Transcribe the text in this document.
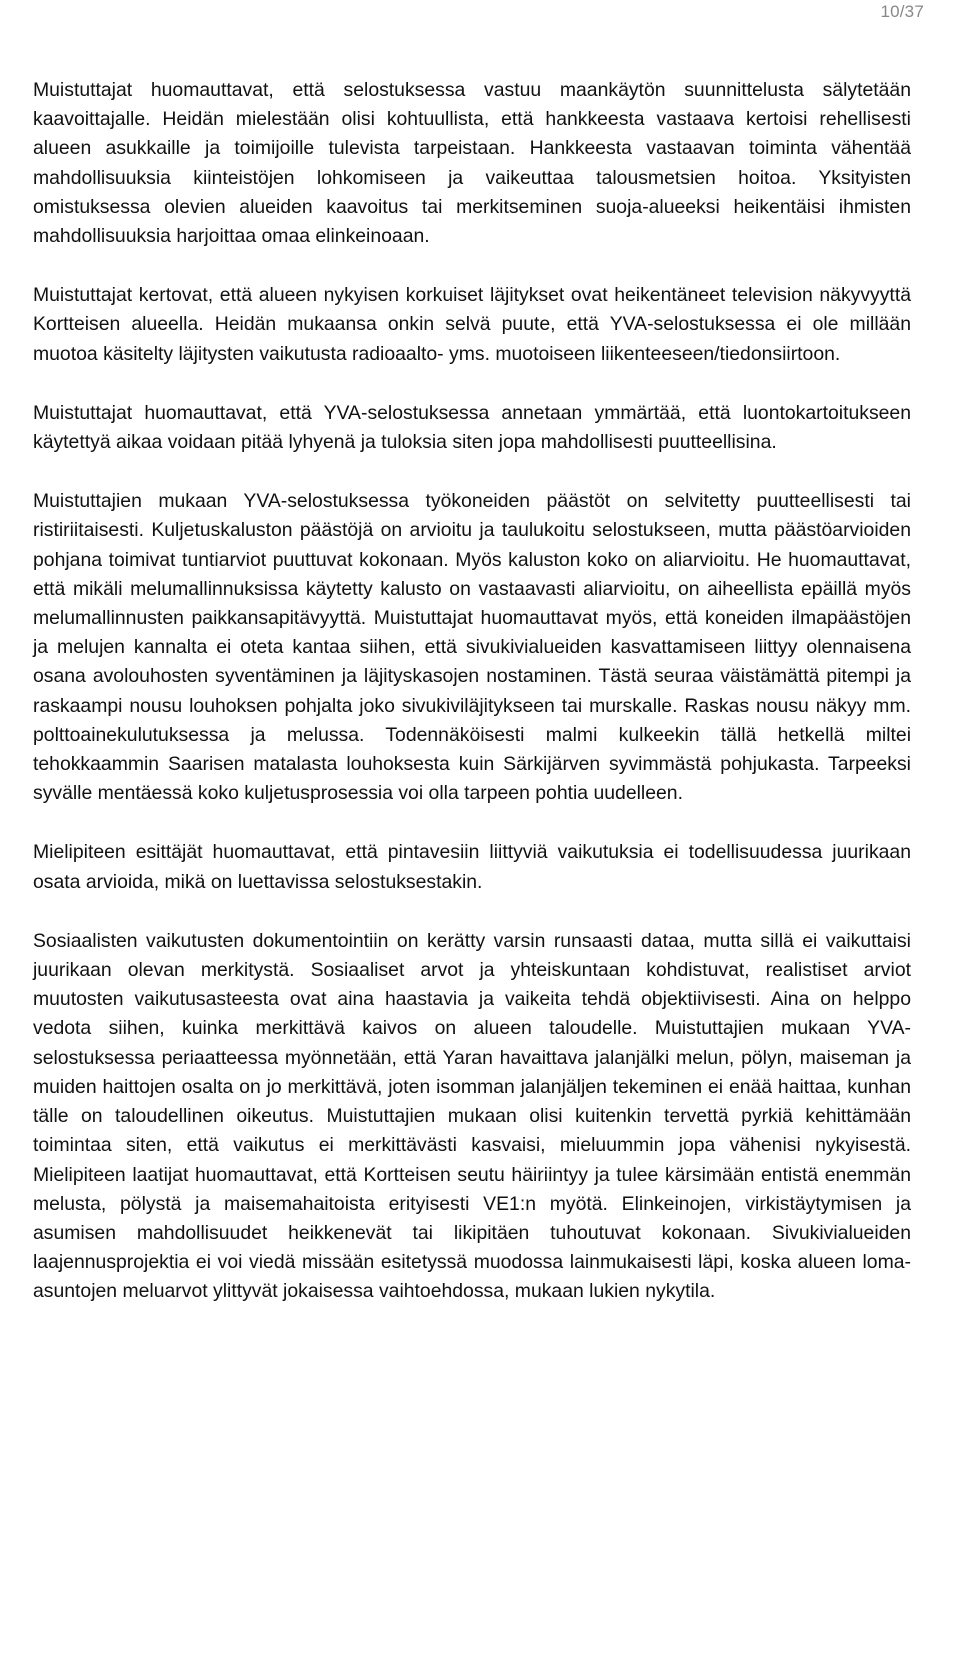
10/37

Muistuttajat huomauttavat, että selostuksessa vastuu maankäytön suunnittelusta sälytetään kaavoittajalle. Heidän mielestään olisi kohtuullista, että hankkeesta vastaava kertoisi rehellisesti alueen asukkaille ja toimijoille tulevista tarpeistaan. Hankkeesta vastaavan toiminta vähentää mahdollisuuksia kiinteistöjen lohkomiseen ja vaikeuttaa talousmetsien hoitoa. Yksityisten omistuksessa olevien alueiden kaavoitus tai merkitseminen suoja-alueeksi heikentäisi ihmisten mahdollisuuksia harjoittaa omaa elinkeinoaan.

Muistuttajat kertovat, että alueen nykyisen korkuiset läjitykset ovat heikentäneet television näkyvyyttä Kortteisen alueella. Heidän mukaansa onkin selvä puute, että YVA-selostuksessa ei ole millään muotoa käsitelty läjitysten vaikutusta radioaalto- yms. muotoiseen liikenteeseen/tiedonsiirtoon.

Muistuttajat huomauttavat, että YVA-selostuksessa annetaan ymmärtää, että luontokartoitukseen käytettyä aikaa voidaan pitää lyhyenä ja tuloksia siten jopa mahdollisesti puutteellisina.

Muistuttajien mukaan YVA-selostuksessa työkoneiden päästöt on selvitetty puutteellisesti tai ristiriitaisesti. Kuljetuskaluston päästöjä on arvioitu ja taulukoitu selostukseen, mutta päästöarvioiden pohjana toimivat tuntiarviot puuttuvat kokonaan. Myös kaluston koko on aliarvioitu. He huomauttavat, että mikäli melumallinnuksissa käytetty kalusto on vastaavasti aliarvioitu, on aiheellista epäillä myös melumallinnusten paikkansapitävyyttä. Muistuttajat huomauttavat myös, että koneiden ilmapäästöjen ja melujen kannalta ei oteta kantaa siihen, että sivukivialueiden kasvattamiseen liittyy olennaisena osana avolouhosten syventäminen ja läjityskasojen nostaminen. Tästä seuraa väistämättä pitempi ja raskaampi nousu louhoksen pohjalta joko sivukiviläjitykseen tai murskalle. Raskas nousu näkyy mm. polttoainekulutuksessa ja melussa. Todennäköisesti malmi kulkeekin tällä hetkellä miltei tehokkaammin Saarisen matalasta louhoksesta kuin Särkijärven syvimmästä pohjukasta. Tarpeeksi syvälle mentäessä koko kuljetusprosessia voi olla tarpeen pohtia uudelleen.

Mielipiteen esittäjät huomauttavat, että pintavesiin liittyviä vaikutuksia ei todellisuudessa juurikaan osata arvioida, mikä on luettavissa selostuksestakin.

Sosiaalisten vaikutusten dokumentointiin on kerätty varsin runsaasti dataa, mutta sillä ei vaikuttaisi juurikaan olevan merkitystä. Sosiaaliset arvot ja yhteiskuntaan kohdistuvat, realistiset arviot muutosten vaikutusasteesta ovat aina haastavia ja vaikeita tehdä objektiivisesti. Aina on helppo vedota siihen, kuinka merkittävä kaivos on alueen taloudelle. Muistuttajien mukaan YVA-selostuksessa periaatteessa myönnetään, että Yaran havaittava jalanjälki melun, pölyn, maiseman ja muiden haittojen osalta on jo merkittävä, joten isomman jalanjäljen tekeminen ei enää haittaa, kunhan tälle on taloudellinen oikeutus. Muistuttajien mukaan olisi kuitenkin tervettä pyrkiä kehittämään toimintaa siten, että vaikutus ei merkittävästi kasvaisi, mieluummin jopa vähenisi nykyisestä. Mielipiteen laatijat huomauttavat, että Kortteisen seutu häiriintyy ja tulee kärsimään entistä enemmän melusta, pölystä ja maisemahaitoista erityisesti VE1:n myötä. Elinkeinojen, virkistäytymisen ja asumisen mahdollisuudet heikkenevät tai likipitäen tuhoutuvat kokonaan. Sivukivialueiden laajennusprojektia ei voi viedä missään esitetyssä muodossa lainmukaisesti läpi, koska alueen loma-asuntojen meluarvot ylittyvät jokaisessa vaihtoehdossa, mukaan lukien nykytila.
